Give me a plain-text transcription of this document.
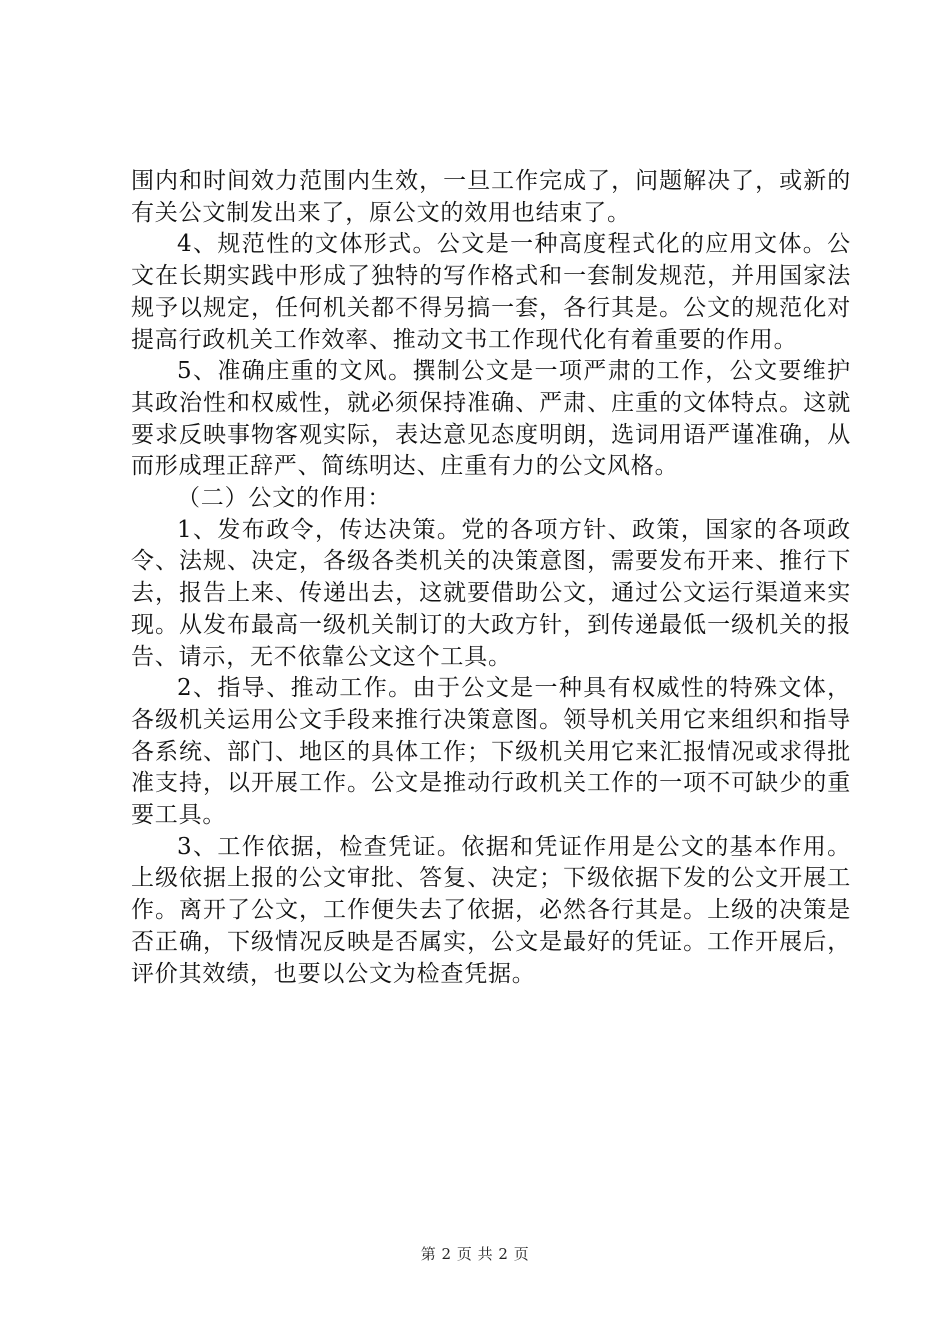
围内和时间效力范围内生效，一旦工作完成了，问题解决了，或新的有关公文制发出来了，原公文的效用也结束了。

4、规范性的文体形式。公文是一种高度程式化的应用文体。公文在长期实践中形成了独特的写作格式和一套制发规范，并用国家法规予以规定，任何机关都不得另搞一套，各行其是。公文的规范化对提高行政机关工作效率、推动文书工作现代化有着重要的作用。

5、准确庄重的文风。撰制公文是一项严肃的工作，公文要维护其政治性和权威性，就必须保持准确、严肃、庄重的文体特点。这就要求反映事物客观实际，表达意见态度明朗，选词用语严谨准确，从而形成理正辞严、简练明达、庄重有力的公文风格。

（二）公文的作用：

1、发布政令，传达决策。党的各项方针、政策，国家的各项政令、法规、决定，各级各类机关的决策意图，需要发布开来、推行下去，报告上来、传递出去，这就要借助公文，通过公文运行渠道来实现。从发布最高一级机关制订的大政方针，到传递最低一级机关的报告、请示，无不依靠公文这个工具。

2、指导、推动工作。由于公文是一种具有权威性的特殊文体，各级机关运用公文手段来推行决策意图。领导机关用它来组织和指导各系统、部门、地区的具体工作；下级机关用它来汇报情况或求得批准支持，以开展工作。公文是推动行政机关工作的一项不可缺少的重要工具。

3、工作依据，检查凭证。依据和凭证作用是公文的基本作用。上级依据上报的公文审批、答复、决定；下级依据下发的公文开展工作。离开了公文，工作便失去了依据，必然各行其是。上级的决策是否正确，下级情况反映是否属实，公文是最好的凭证。工作开展后，评价其效绩，也要以公文为检查凭据。

第 2 页 共 2 页
